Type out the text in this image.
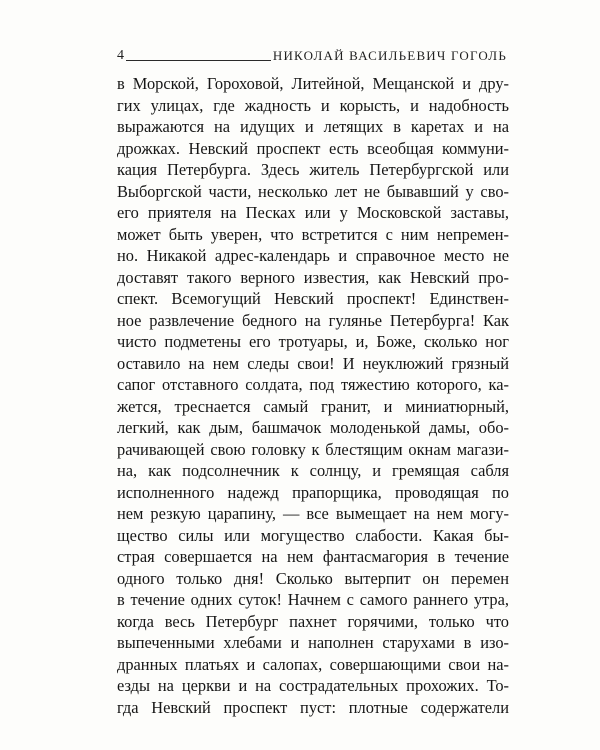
4	НИКОЛАЙ ВАСИЛЬЕВИЧ ГОГОЛЬ
в Морской, Гороховой, Литейной, Мещанской и дру-
гих улицах, где жадность и корысть, и надобность
выражаются на идущих и летящих в каретах и на
дрожках. Невский проспект есть всеобщая коммуни-
кация Петербурга. Здесь житель Петербургской или
Выборгской части, несколько лет не бывавший у сво-
его приятеля на Песках или у Московской заставы,
может быть уверен, что встретится с ним непремен-
но. Никакой адрес-календарь и справочное место не
доставят такого верного известия, как Невский про-
спект. Всемогущий Невский проспект! Единствен-
ное развлечение бедного на гулянье Петербурга! Как
чисто подметены его тротуары, и, Боже, сколько ног
оставило на нем следы свои! И неуклюжий грязный
сапог отставного солдата, под тяжестию которого, ка-
жется, треснается самый гранит, и миниатюрный,
легкий, как дым, башмачок молоденькой дамы, обо-
рачивающей свою головку к блестящим окнам магази-
на, как подсолнечник к солнцу, и гремящая сабля
исполненного надежд прапорщика, проводящая по
нем резкую царапину, — все вымещает на нем могу-
щество силы или могущество слабости. Какая бы-
страя совершается на нем фантасмагория в течение
одного только дня! Сколько вытерпит он перемен
в течение одних суток! Начнем с самого раннего утра,
когда весь Петербург пахнет горячими, только что
выпеченными хлебами и наполнен старухами в изо-
дранных платьях и салопах, совершающими свои на-
езды на церкви и на сострадательных прохожих. То-
гда Невский проспект пуст: плотные содержатели
